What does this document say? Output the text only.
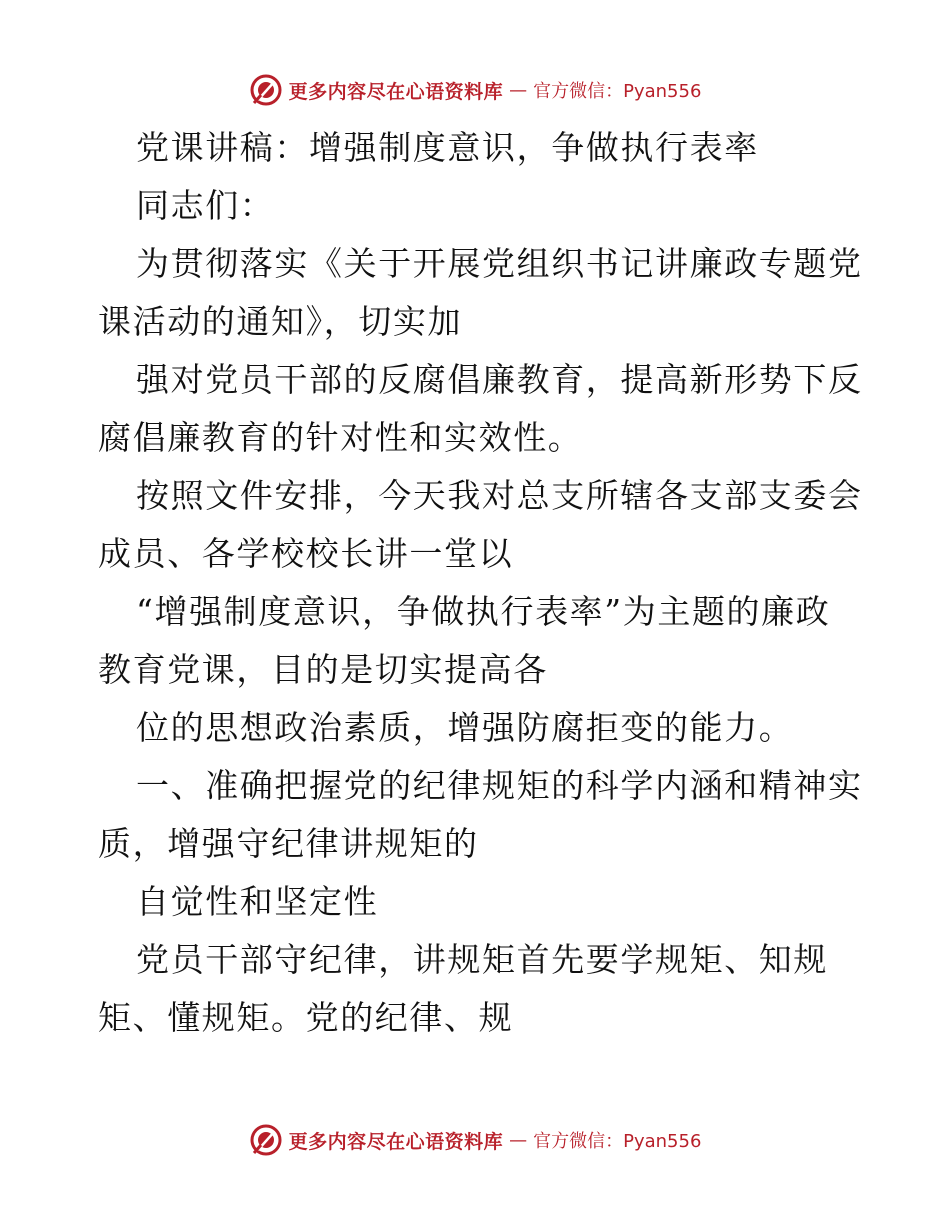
更多内容尽在心语资料库 — 官方微信：Pyan556
党课讲稿：增强制度意识，争做执行表率
同志们：
为贯彻落实《关于开展党组织书记讲廉政专题党
课活动的通知》，切实加
强对党员干部的反腐倡廉教育，提高新形势下反
腐倡廉教育的针对性和实效性。
按照文件安排，今天我对总支所辖各支部支委会
成员、各学校校长讲一堂以
“增强制度意识，争做执行表率”为主题的廉政
教育党课，目的是切实提高各
位的思想政治素质，增强防腐拒变的能力。
一、准确把握党的纪律规矩的科学内涵和精神实
质，增强守纪律讲规矩的
自觉性和坚定性
党员干部守纪律，讲规矩首先要学规矩、知规
矩、懂规矩。党的纪律、规
更多内容尽在心语资料库 — 官方微信：Pyan556
